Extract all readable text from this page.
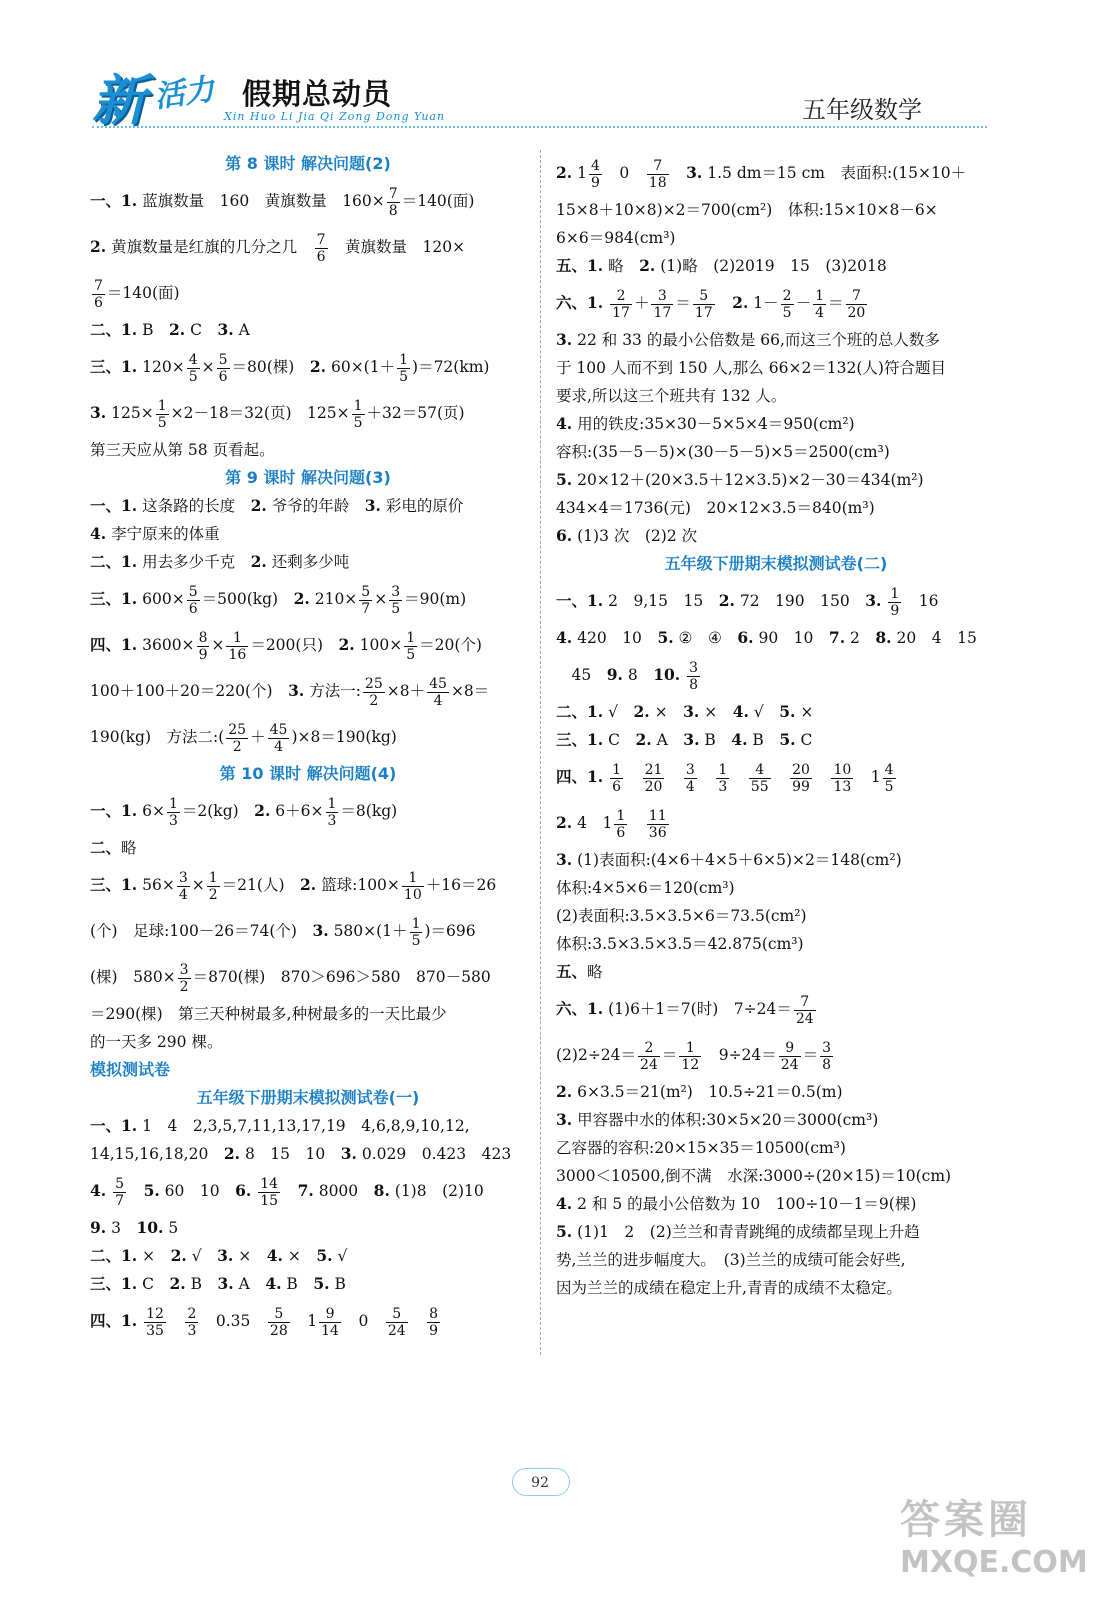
新 活力 假期总动员
Xin Huo Li Jia Qi Zong Dong Yuan	五年级数学
第 8 课时 解决问题(2)
一、1. 蓝旗数量　160　黄旗数量　$160\times \frac{7}{8} =140$(面)
2. 黄旗数量是红旗的几分之几　 $\frac{7}{6}$ 　黄旗数量　120×
$\frac{7}{6} =140$(面)
二、1. B　2. C　3. A
三、1. $120\times \frac{4}{5} \times \frac{5}{6} =80$(棵)　2. $60\times(1+ \frac{1}{5} )=72(km)$
3. $125\times \frac{1}{5} \times 2-18=32$(页)　$125\times \frac{1}{5} +32=57$(页)
第三天应从第 58 页看起。
第 9 课时 解决问题(3)
一、1. 这条路的长度　2. 爷爷的年龄　3. 彩电的原价
4. 李宁原来的体重
二、1. 用去多少千克　2. 还剩多少吨
三、1. $600\times \frac{5}{6} =500(kg)$　2. $210\times \frac{5}{7} \times \frac{3}{5} =90(m)$
四、1. $3600\times \frac{8}{9} \times \frac{1}{16} =200$(只)　2. $100\times \frac{1}{5} =20$(个)
100＋100＋20＝220(个)　3. 方法一: $\frac{25}{2} \times 8+ \frac{45}{4} \times 8=$
190(kg)　方法二:( $\frac{25}{2} + \frac{45}{4} )\times 8=190(kg)$
第 10 课时 解决问题(4)
一、1. $6\times \frac{1}{3} =2(kg)$　2. $6+6\times \frac{1}{3} =8(kg)$
二、略
三、1. $56\times \frac{3}{4} \times \frac{1}{2} =21$(人)　2. 篮球:100× $\frac{1}{10} +16=26$
(个)　足球:100－26＝74(个)　3. $580\times(1+ \frac{1}{5} )=696$
(棵)　$580\times \frac{3}{2} =870$(棵)　870＞696＞580　870－580
＝290(棵)　第三天种树最多,种树最多的一天比最少
的一天多 290 棵。
模拟测试卷
五年级下册期末模拟测试卷(一)
一、1. 1　4　2,3,5,7,11,13,17,19　4,6,8,9,10,12,
14,15,16,18,20　2. 8　15　10　3. 0.029　0.423　423
4. $\frac{5}{7}$
　 5. 60　10　6. $\frac{14}{15}$
　 7. 8000　8. (1)8　(2)10
9. 3　10. 5
二、1. ×　2. √　3. ×　4. ×　5. √
三、1. C　2. B　3. A　4. B　5. B
四、1. $\frac{12}{35}$
　 $\frac{2}{3}$ 　0.35　 $\frac{5}{28}$ 　$1 \frac{9}{14}$ 　0　 $\frac{5}{24}$
　 $\frac{8}{9}$
2. $1 \frac{4}{9}$ 　0　 $\frac{7}{18}$
　 3. 1.5 dm＝15 cm　表面积:(15×10＋
15×8＋10×8)×2＝700(cm²)　体积:15×10×8－6×
6×6＝984(cm³)
五、1. 略　2. (1)略　(2)2019　15　(3)2018
六、1. $\frac{2}{17} + \frac{3}{17} = \frac{5}{17}$
　 2. $1- \frac{2}{5} - \frac{1}{4} = \frac{7}{20}$
3. 22 和 33 的最小公倍数是 66,而这三个班的总人数多
于 100 人而不到 150 人,那么 66×2＝132(人)符合题目
要求,所以这三个班共有 132 人。
4. 用的铁皮:35×30－5×5×4＝950(cm²)
容积:(35－5－5)×(30－5－5)×5＝2500(cm³)
5. 20×12＋(20×3.5＋12×3.5)×2－30＝434(m²)
434×4＝1736(元)　20×12×3.5＝840(m³)
6. (1)3 次　(2)2 次
五年级下册期末模拟测试卷(二)
一、1. 2　9,15　15　2. 72　190　150　3. $\frac{1}{9}$ 　16
4. 420　10　5. ②　④　6. 90　10　7. 2　8. 20　4　15
　45　9. 8　10. $\frac{3}{8}$
二、1. √　2. ×　3. ×　4. √　5. ×
三、1. C　2. A　3. B　4. B　5. C
四、1. $\frac{1}{6}$
　 $\frac{21}{20}$
　 $\frac{3}{4}$
　 $\frac{1}{3}$
　 $\frac{4}{55}$
　 $\frac{20}{99}$
　 $\frac{10}{13}$ 　$1 \frac{4}{5}$
2. 4　$1 \frac{1}{6}$
　 $\frac{11}{36}$
3. (1)表面积:(4×6＋4×5＋6×5)×2＝148(cm²)
体积:4×5×6＝120(cm³)
(2)表面积:3.5×3.5×6＝73.5(cm²)
体积:3.5×3.5×3.5＝42.875(cm³)
五、略
六、1. (1)6＋1＝7(时)　$7\div 24= \frac{7}{24}$
$(2)2\div 24= \frac{2}{24} = \frac{1}{12}$ 　$9\div 24= \frac{9}{24} = \frac{3}{8}$
2. 6×3.5＝21(m²)　10.5÷21＝0.5(m)
3. 甲容器中水的体积:30×5×20＝3000(cm³)
乙容器的容积:20×15×35＝10500(cm³)
3000＜10500,倒不满　水深:3000÷(20×15)＝10(cm)
4. 2 和 5 的最小公倍数为 10　100÷10－1＝9(棵)
5. (1)1　2　(2)兰兰和青青跳绳的成绩都呈现上升趋
势,兰兰的进步幅度大。　(3)兰兰的成绩可能会好些,
因为兰兰的成绩在稳定上升,青青的成绩不太稳定。
92
答案圈
MXQE.COM
